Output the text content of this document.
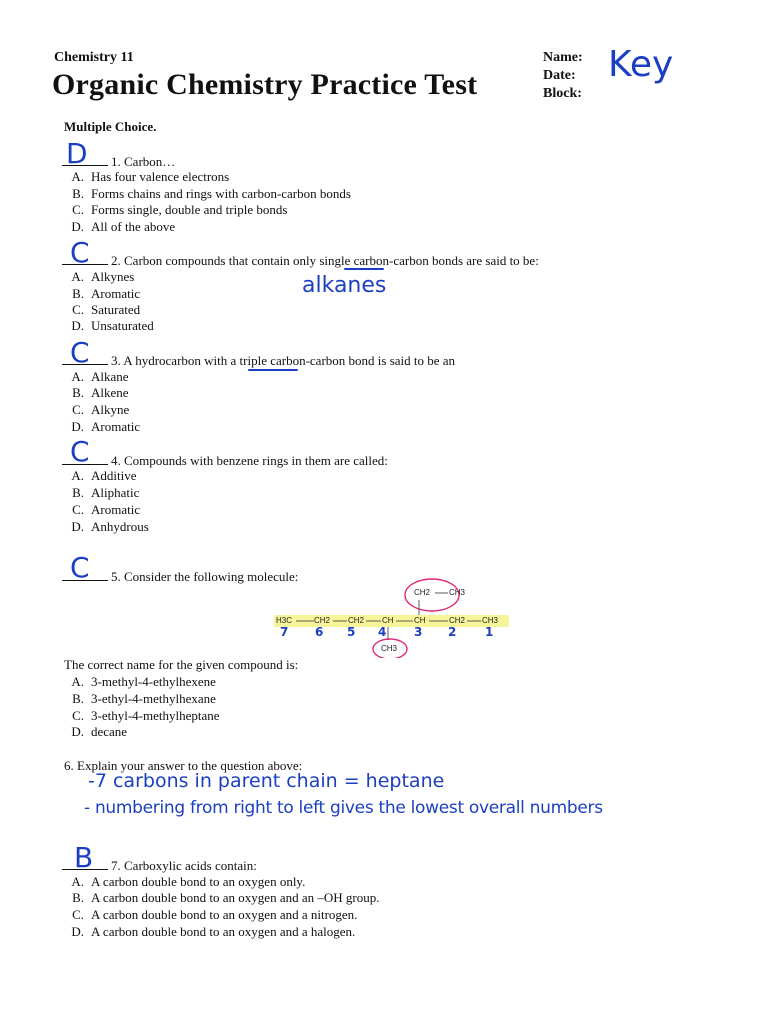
Chemistry 11
Organic Chemistry Practice Test
Name:
Date:
Block:
Key
Multiple Choice.
D	1. Carbon…
A. Has four valence electrons
B. Forms chains and rings with carbon-carbon bonds
C. Forms single, double and triple bonds
D. All of the above
C	2. Carbon compounds that contain only single carbon-carbon bonds are said to be:
A. Alkynes
B. Aromatic
C. Saturated
D. Unsaturated
alkanes
C	3. A hydrocarbon with a triple carbon-carbon bond is said to be an
A. Alkane
B. Alkene
C. Alkyne
D. Aromatic
C	4. Compounds with benzene rings in them are called:
A. Additive
B. Aliphatic
C. Aromatic
D. Anhydrous
C	5. Consider the following molecule:
H3C	CH2 CH2 CH	CH	CH2 CH3
CH2 CH3
CH3
7 6 5 4 3 2 1
The correct name for the given compound is:
A. 3-methyl-4-ethylhexene
B. 3-ethyl-4-methylhexane
C. 3-ethyl-4-methylheptane
D. decane
6. Explain your answer to the question above:
-7 carbons in parent chain = heptane
- numbering from right to left gives the lowest overall numbers
B	7. Carboxylic acids contain:
A. A carbon double bond to an oxygen only.
B. A carbon double bond to an oxygen and an –OH group.
C. A carbon double bond to an oxygen and a nitrogen.
D. A carbon double bond to an oxygen and a halogen.
